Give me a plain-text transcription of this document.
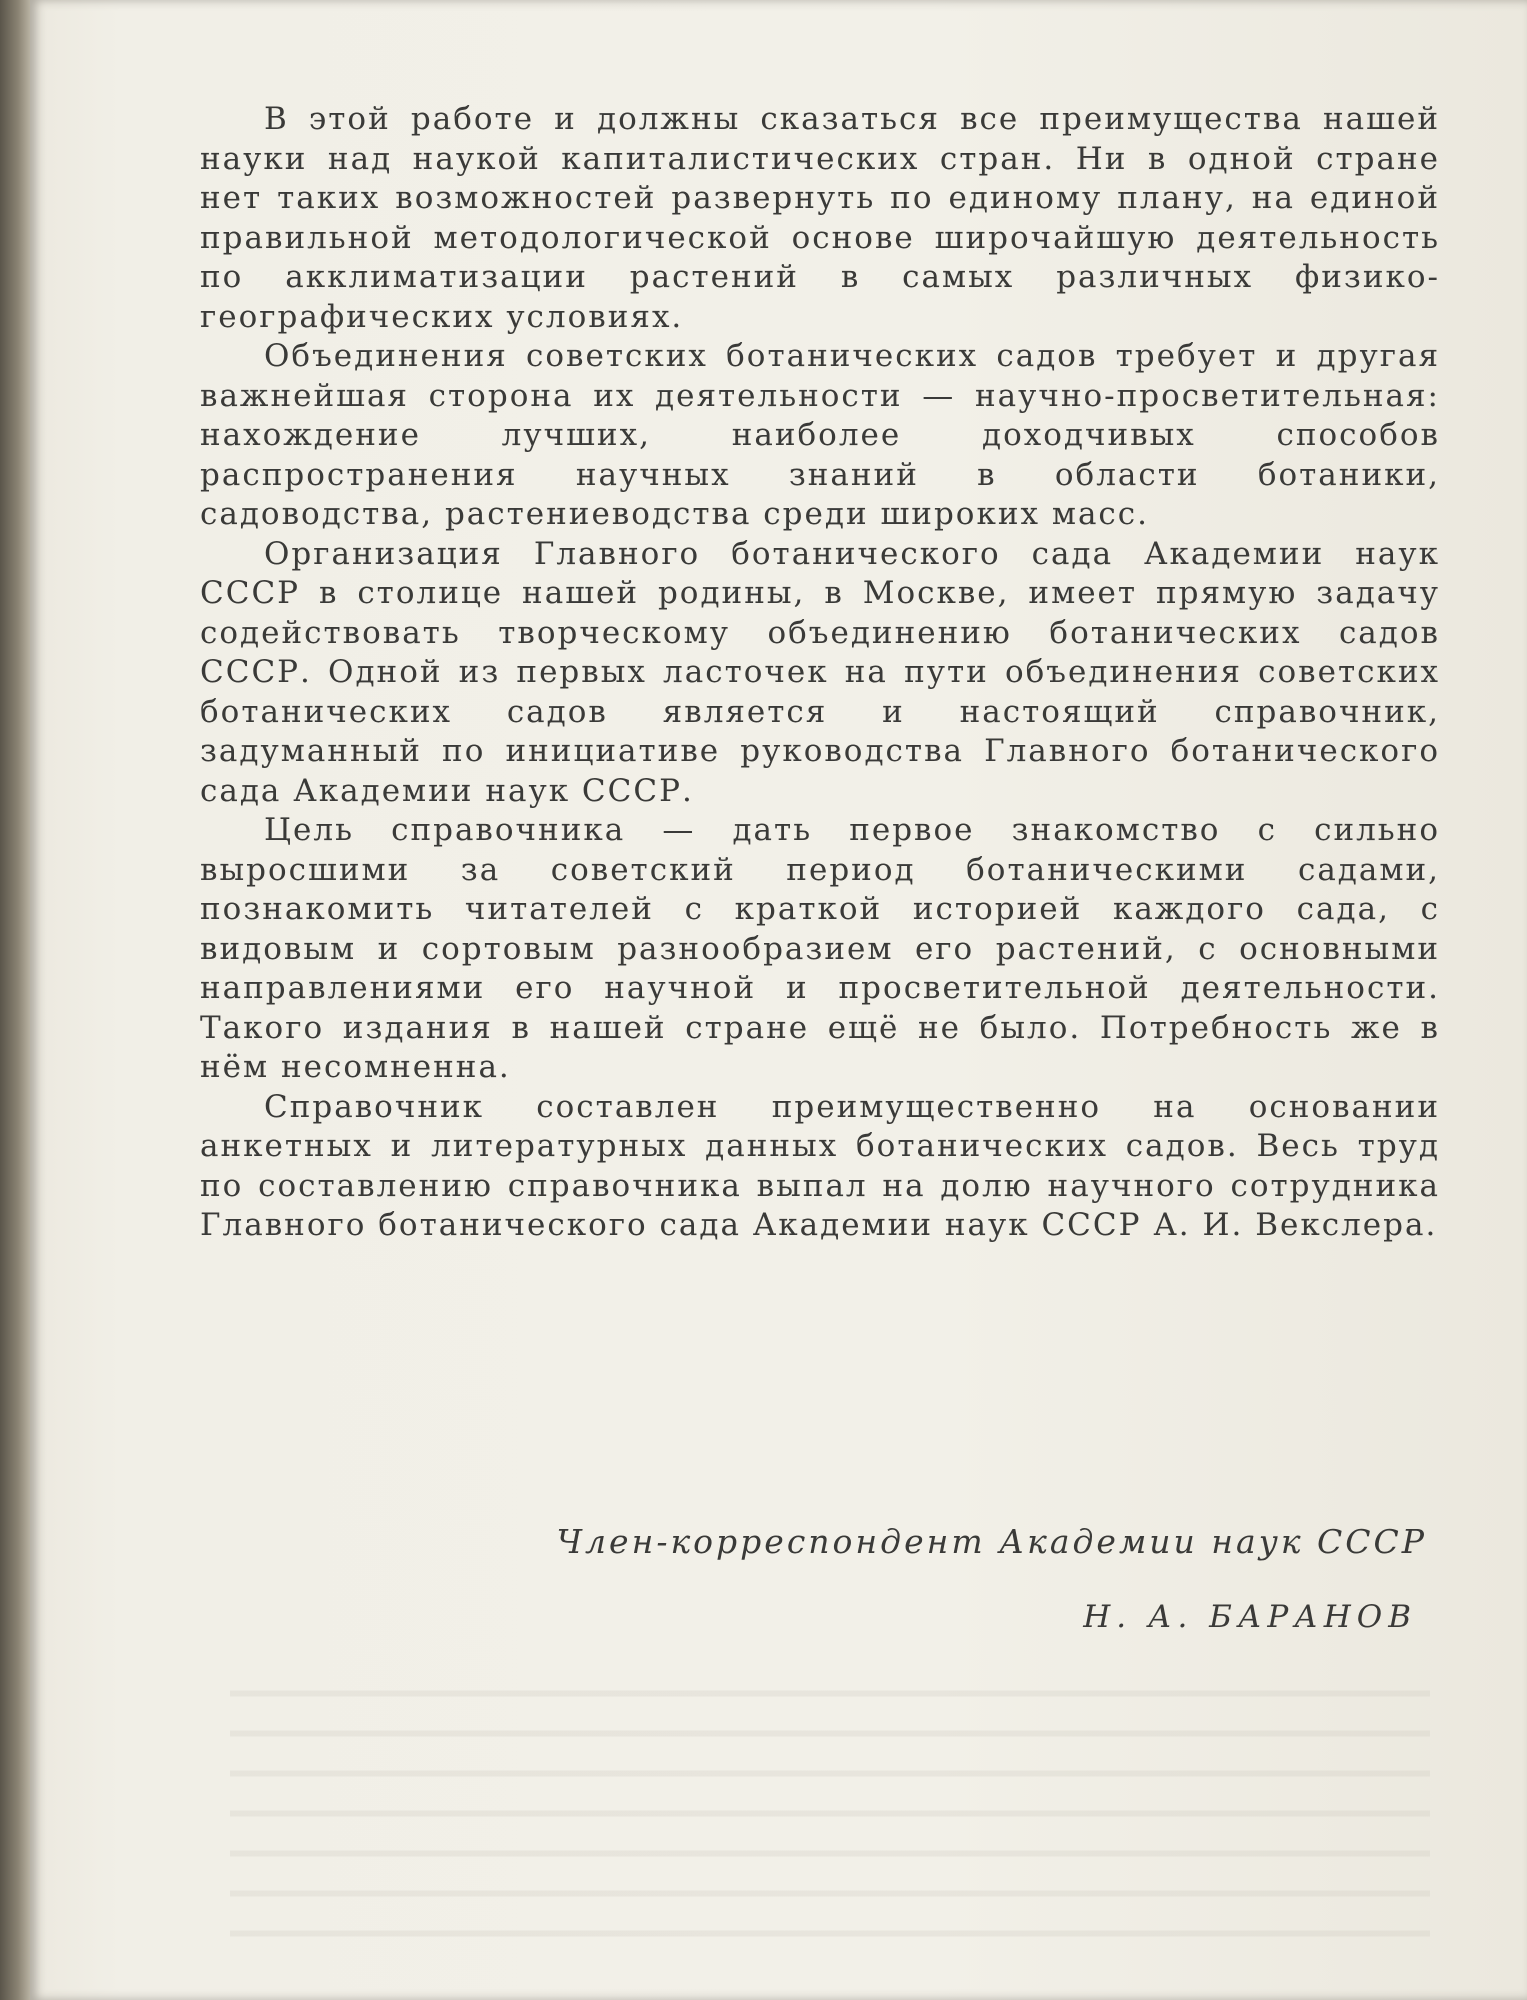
В этой работе и должны сказаться все преимущества нашей науки над наукой капиталистических стран. Ни в одной стране нет таких возможностей развернуть по единому плану, на единой правильной методологической основе широчайшую деятельность по акклиматизации растений в самых различных физико-географических условиях.

Объединения советских ботанических садов требует и другая важнейшая сторона их деятельности — научно-просветительная: нахождение лучших, наиболее доходчивых способов распространения научных знаний в области ботаники, садоводства, растениеводства среди широких масс.

Организация Главного ботанического сада Академии наук СССР в столице нашей родины, в Москве, имеет прямую задачу содействовать творческому объединению ботанических садов СССР. Одной из первых ласточек на пути объединения советских ботанических садов является и настоящий справочник, задуманный по инициативе руководства Главного ботанического сада Академии наук СССР.

Цель справочника — дать первое знакомство с сильно выросшими за советский период ботаническими садами, познакомить читателей с краткой историей каждого сада, с видовым и сортовым разнообразием его растений, с основными направлениями его научной и просветительной деятельности. Такого издания в нашей стране ещё не было. Потребность же в нём несомненна.

Справочник составлен преимущественно на основании анкетных и литературных данных ботанических садов. Весь труд по составлению справочника выпал на долю научного сотрудника Главного ботанического сада Академии наук СССР А. И. Векслера.

Член-корреспондент Академии наук СССР
Н. А. БАРАНОВ
